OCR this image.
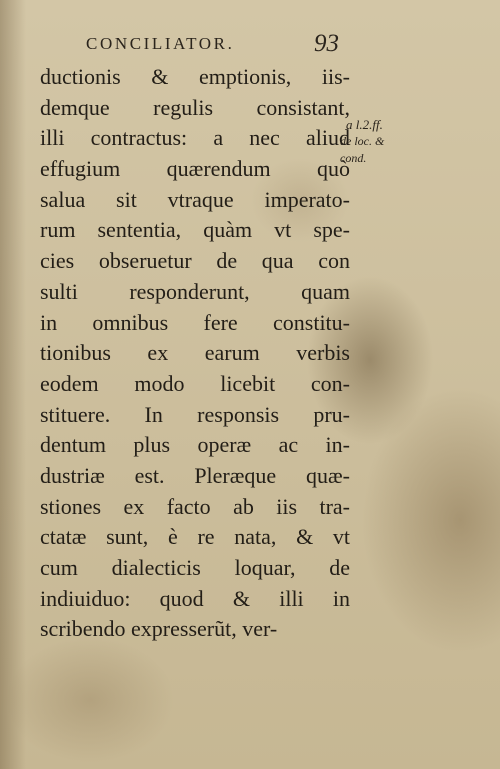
CONCILIATOR.	93
ductionis & emptionis, iis-
demque regulis consistant,
illi contractus: a nec aliud
effugium quærendum quò
salua sit vtraque imperato-
rum sententia, quàm vt spe-
cies obseruetur de qua con
sulti responderunt, quam
in omnibus fere constitu-
tionibus ex earum verbis
eodem modo licebit con-
stituere. In responsis pru-
dentum plus operæ ac in-
dustriæ est. Pleræque quæ-
stiones ex facto ab iis tra-
ctatæ sunt, è re nata, & vt
cum dialecticis loquar, de
indiuiduo: quod & illi in
scribendo expresserũt, ver-
a l.2.ff.
de loc. &
cond.
